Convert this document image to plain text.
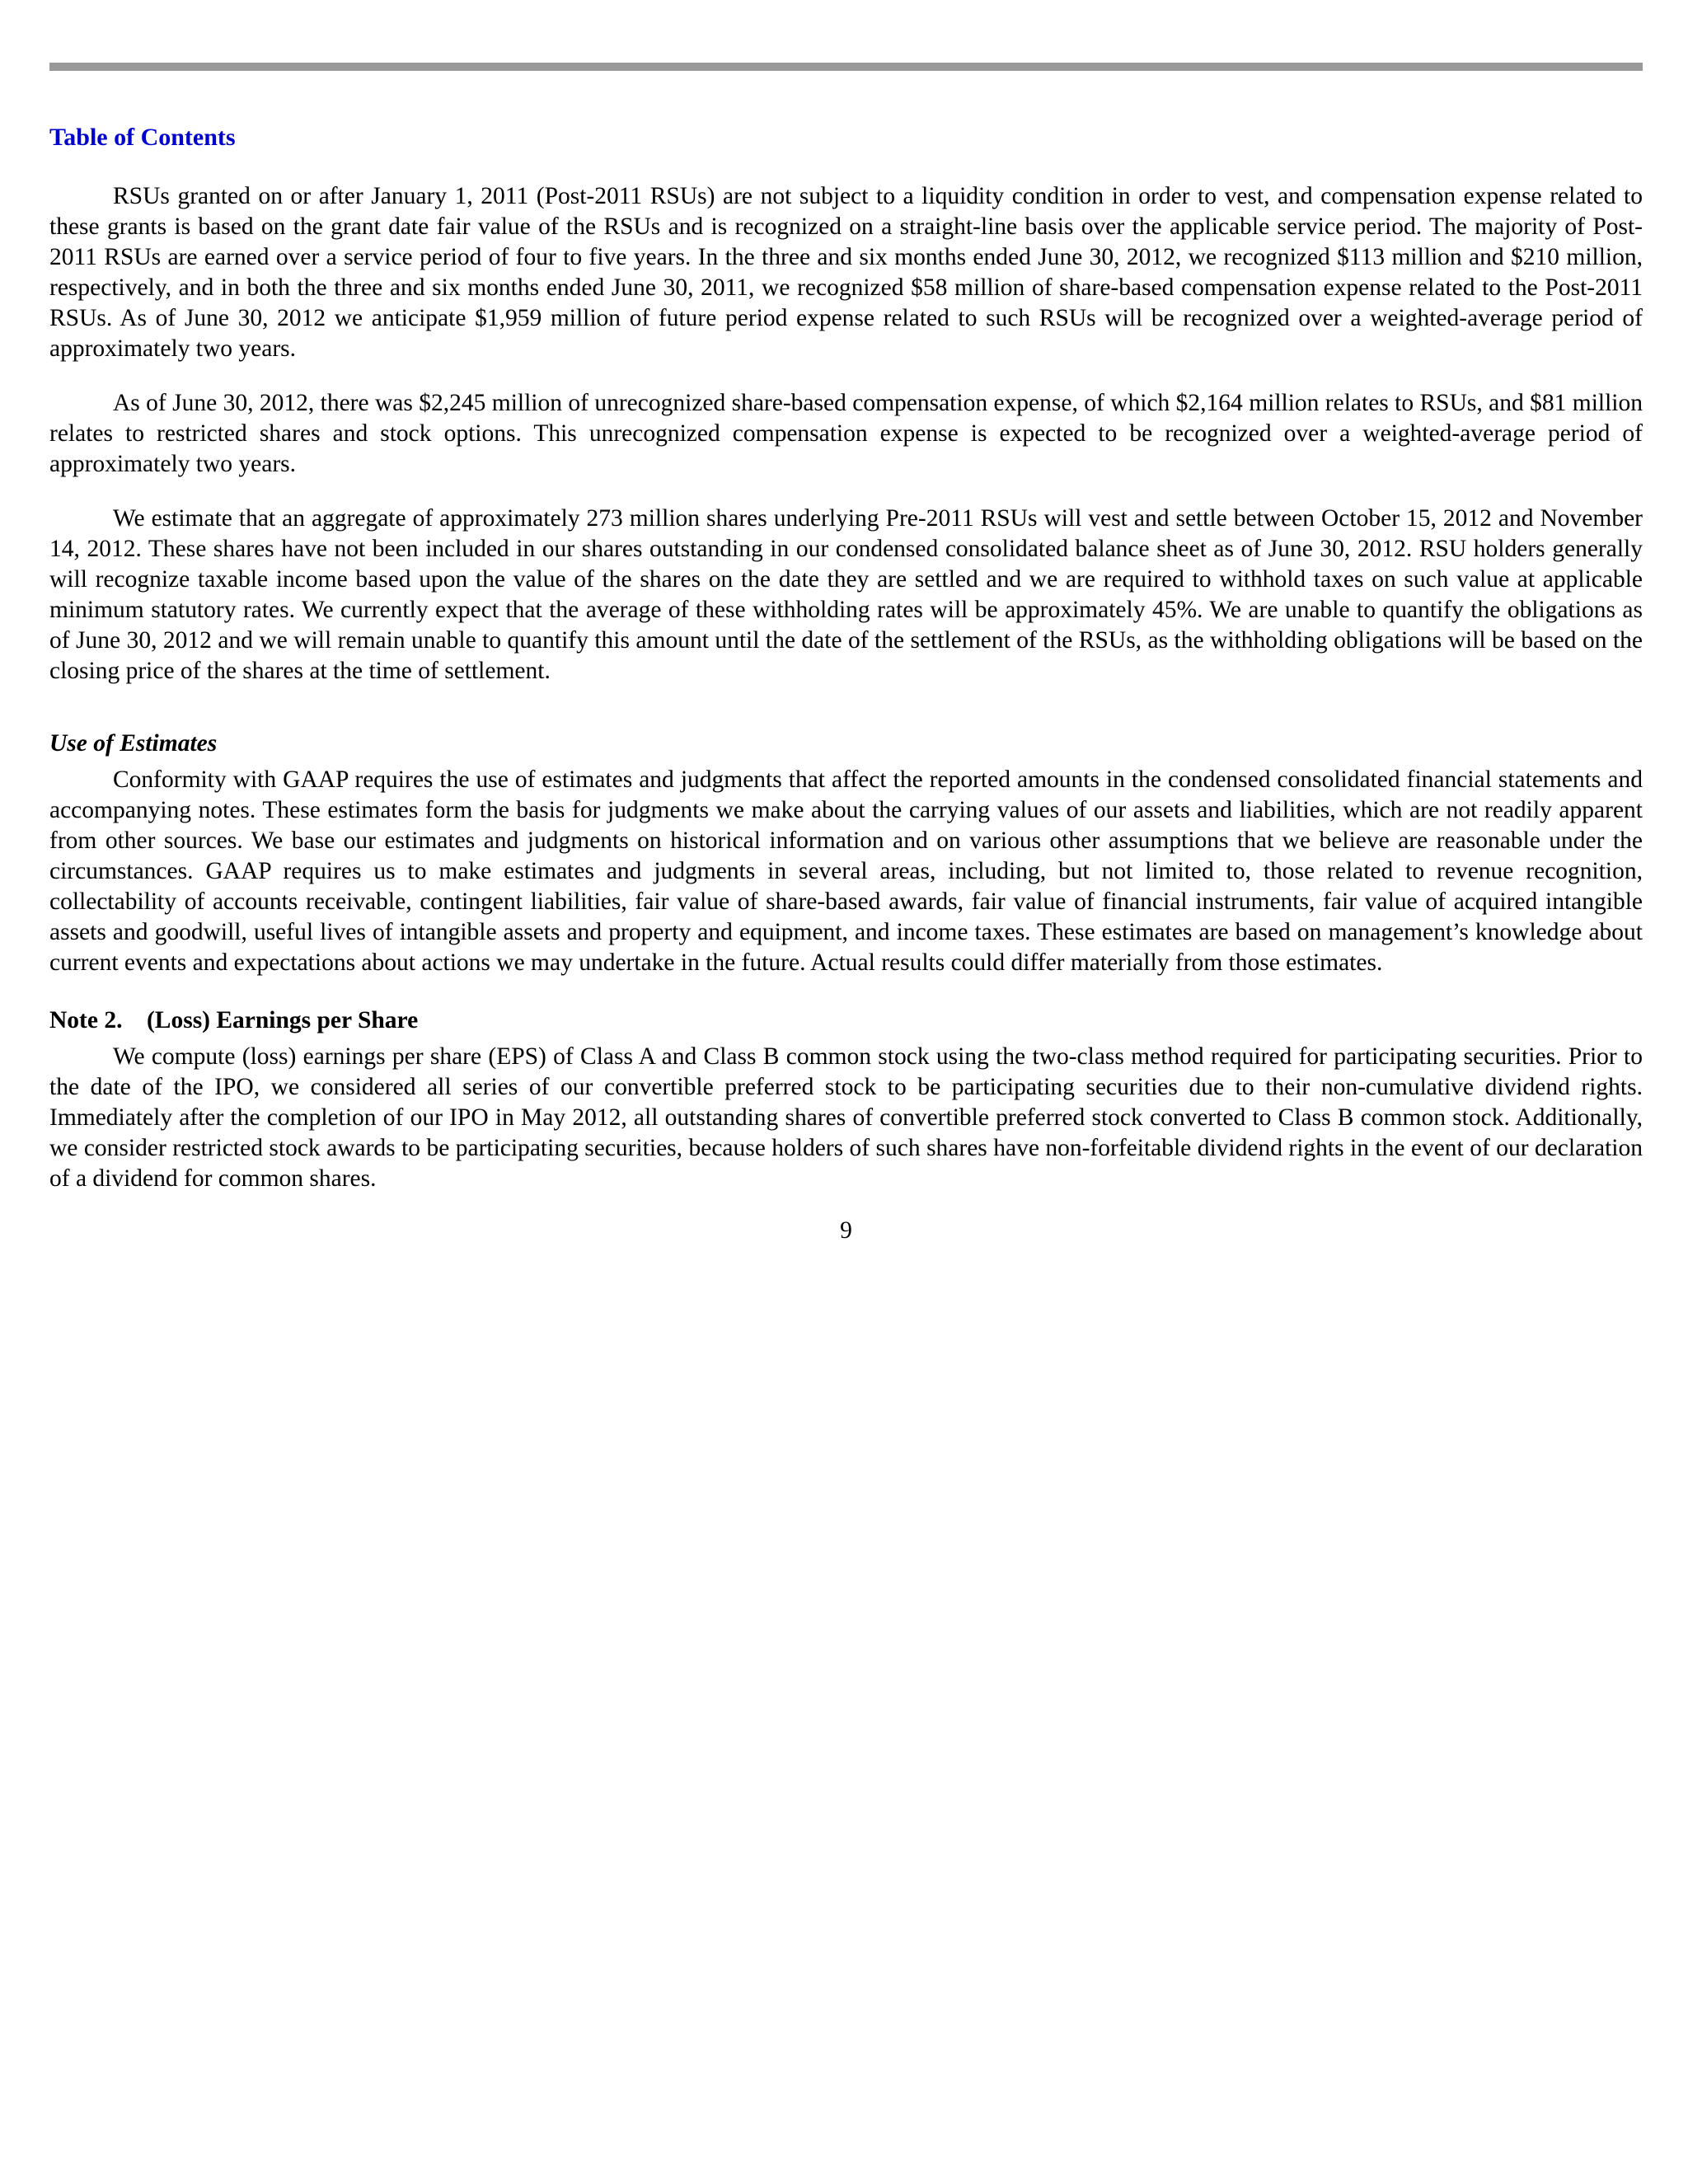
Table of Contents

RSUs granted on or after January 1, 2011 (Post-2011 RSUs) are not subject to a liquidity condition in order to vest, and compensation expense related to these grants is based on the grant date fair value of the RSUs and is recognized on a straight-line basis over the applicable service period. The majority of Post-2011 RSUs are earned over a service period of four to five years. In the three and six months ended June 30, 2012, we recognized $113 million and $210 million, respectively, and in both the three and six months ended June 30, 2011, we recognized $58 million of share-based compensation expense related to the Post-2011 RSUs. As of June 30, 2012 we anticipate $1,959 million of future period expense related to such RSUs will be recognized over a weighted-average period of approximately two years.

As of June 30, 2012, there was $2,245 million of unrecognized share-based compensation expense, of which $2,164 million relates to RSUs, and $81 million relates to restricted shares and stock options. This unrecognized compensation expense is expected to be recognized over a weighted-average period of approximately two years.

We estimate that an aggregate of approximately 273 million shares underlying Pre-2011 RSUs will vest and settle between October 15, 2012 and November 14, 2012. These shares have not been included in our shares outstanding in our condensed consolidated balance sheet as of June 30, 2012. RSU holders generally will recognize taxable income based upon the value of the shares on the date they are settled and we are required to withhold taxes on such value at applicable minimum statutory rates. We currently expect that the average of these withholding rates will be approximately 45%. We are unable to quantify the obligations as of June 30, 2012 and we will remain unable to quantify this amount until the date of the settlement of the RSUs, as the withholding obligations will be based on the closing price of the shares at the time of settlement.

Use of Estimates

Conformity with GAAP requires the use of estimates and judgments that affect the reported amounts in the condensed consolidated financial statements and accompanying notes. These estimates form the basis for judgments we make about the carrying values of our assets and liabilities, which are not readily apparent from other sources. We base our estimates and judgments on historical information and on various other assumptions that we believe are reasonable under the circumstances. GAAP requires us to make estimates and judgments in several areas, including, but not limited to, those related to revenue recognition, collectability of accounts receivable, contingent liabilities, fair value of share-based awards, fair value of financial instruments, fair value of acquired intangible assets and goodwill, useful lives of intangible assets and property and equipment, and income taxes. These estimates are based on management’s knowledge about current events and expectations about actions we may undertake in the future. Actual results could differ materially from those estimates.

Note 2.    (Loss) Earnings per Share

We compute (loss) earnings per share (EPS) of Class A and Class B common stock using the two-class method required for participating securities. Prior to the date of the IPO, we considered all series of our convertible preferred stock to be participating securities due to their non-cumulative dividend rights. Immediately after the completion of our IPO in May 2012, all outstanding shares of convertible preferred stock converted to Class B common stock. Additionally, we consider restricted stock awards to be participating securities, because holders of such shares have non-forfeitable dividend rights in the event of our declaration of a dividend for common shares.

9
